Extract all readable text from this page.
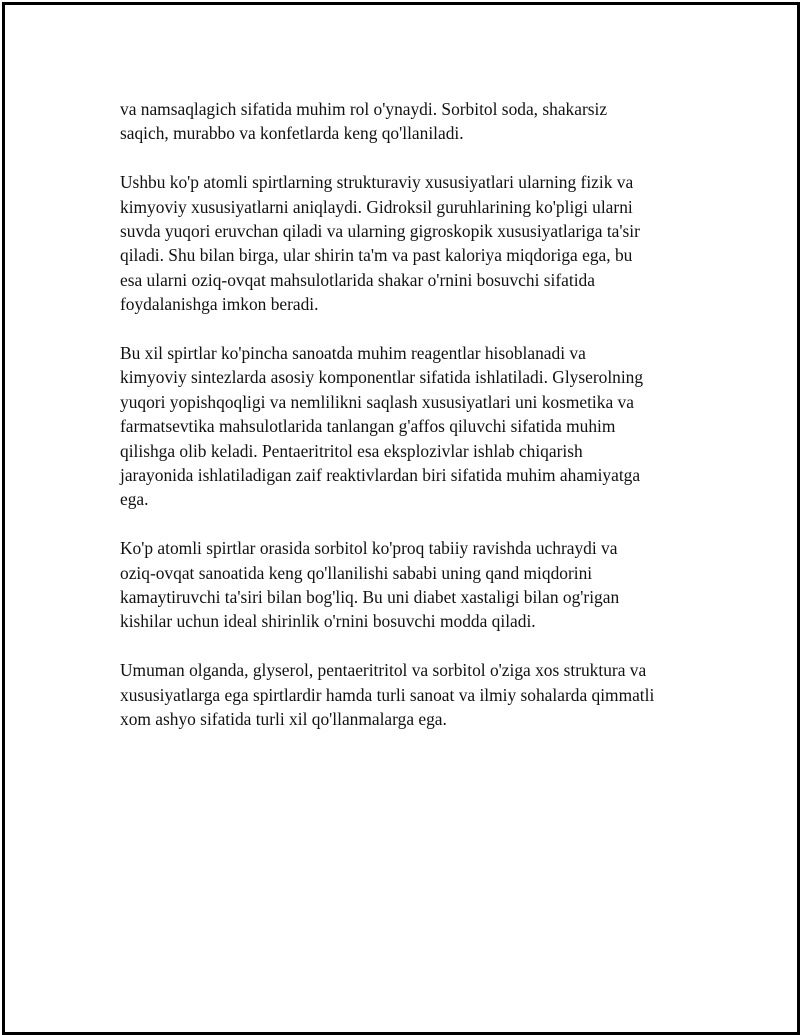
va namsaqlagich sifatida muhim rol o'ynaydi. Sorbitol soda, shakarsiz
saqich, murabbo va konfetlarda keng qo'llaniladi.

Ushbu ko'p atomli spirtlarning strukturaviy xususiyatlari ularning fizik va
kimyoviy xususiyatlarni aniqlaydi. Gidroksil guruhlarining ko'pligi ularni
suvda yuqori eruvchan qiladi va ularning gigroskopik xususiyatlariga ta'sir
qiladi. Shu bilan birga, ular shirin ta'm va past kaloriya miqdoriga ega, bu
esa ularni oziq-ovqat mahsulotlarida shakar o'rnini bosuvchi sifatida
foydalanishga imkon beradi.

Bu xil spirtlar ko'pincha sanoatda muhim reagentlar hisoblanadi va
kimyoviy sintezlarda asosiy komponentlar sifatida ishlatiladi. Glyserolning
yuqori yopishqoqligi va nemlilikni saqlash xususiyatlari uni kosmetika va
farmatsevtika mahsulotlarida tanlangan g'affos qiluvchi sifatida muhim
qilishga olib keladi. Pentaeritritol esa eksplozivlar ishlab chiqarish
jarayonida ishlatiladigan zaif reaktivlardan biri sifatida muhim ahamiyatga
ega.

Ko'p atomli spirtlar orasida sorbitol ko'proq tabiiy ravishda uchraydi va
oziq-ovqat sanoatida keng qo'llanilishi sababi uning qand miqdorini
kamaytiruvchi ta'siri bilan bog'liq. Bu uni diabet xastaligi bilan og'rigan
kishilar uchun ideal shirinlik o'rnini bosuvchi modda qiladi.

Umuman olganda, glyserol, pentaeritritol va sorbitol o'ziga xos struktura va
xususiyatlarga ega spirtlardir hamda turli sanoat va ilmiy sohalarda qimmatli
xom ashyo sifatida turli xil qo'llanmalarga ega.
